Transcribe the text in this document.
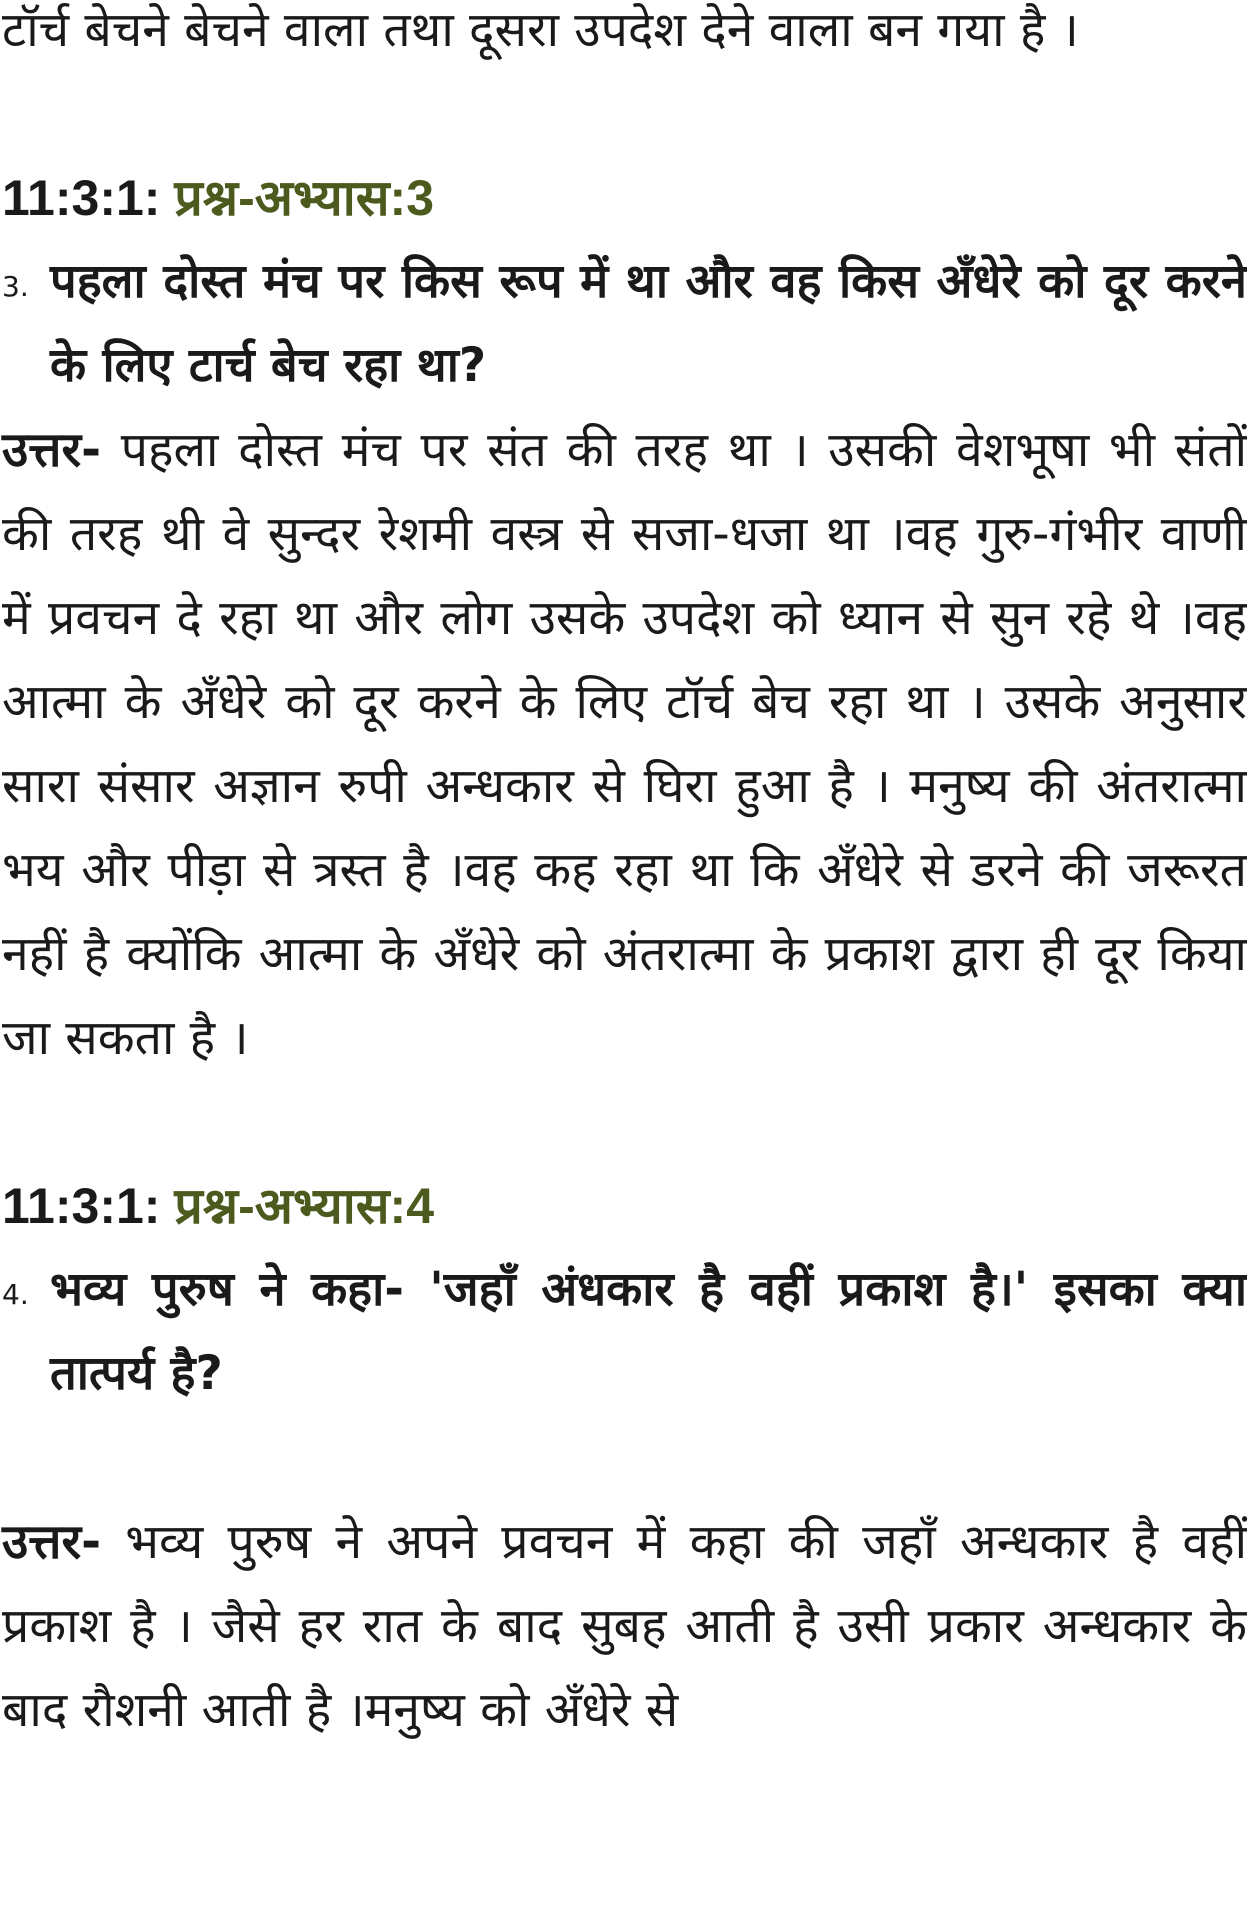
टॉर्च बेचने बेचने वाला तथा दूसरा उपदेश देने वाला बन गया है ।

11:3:1: प्रश्न-अभ्यास:3

3. पहला दोस्त मंच पर किस रूप में था और वह किस अँधेरे को दूर करने के लिए टार्च बेच रहा था?

उत्तर- पहला दोस्त मंच पर संत की तरह था । उसकी वेशभूषा भी संतों की तरह थी वे सुन्दर रेशमी वस्त्र से सजा-धजा था ।वह गुरु-गंभीर वाणी में प्रवचन दे रहा था और लोग उसके उपदेश को ध्यान से सुन रहे थे ।वह आत्मा के अँधेरे को दूर करने के लिए टॉर्च बेच रहा था । उसके अनुसार सारा संसार अज्ञान रुपी अन्धकार से घिरा हुआ है । मनुष्य की अंतरात्मा भय और पीड़ा से त्रस्त है ।वह कह रहा था कि अँधेरे से डरने की जरूरत नहीं है क्योंकि आत्मा के अँधेरे को अंतरात्मा के प्रकाश द्वारा ही दूर किया जा सकता है ।

11:3:1: प्रश्न-अभ्यास:4

4. भव्य पुरुष ने कहा- 'जहाँ अंधकार है वहीं प्रकाश है।' इसका क्या तात्पर्य है?

उत्तर- भव्य पुरुष ने अपने प्रवचन में कहा की जहाँ अन्धकार है वहीं प्रकाश है । जैसे हर रात के बाद सुबह आती है उसी प्रकार अन्धकार के बाद रौशनी आती है ।मनुष्य को अँधेरे से
